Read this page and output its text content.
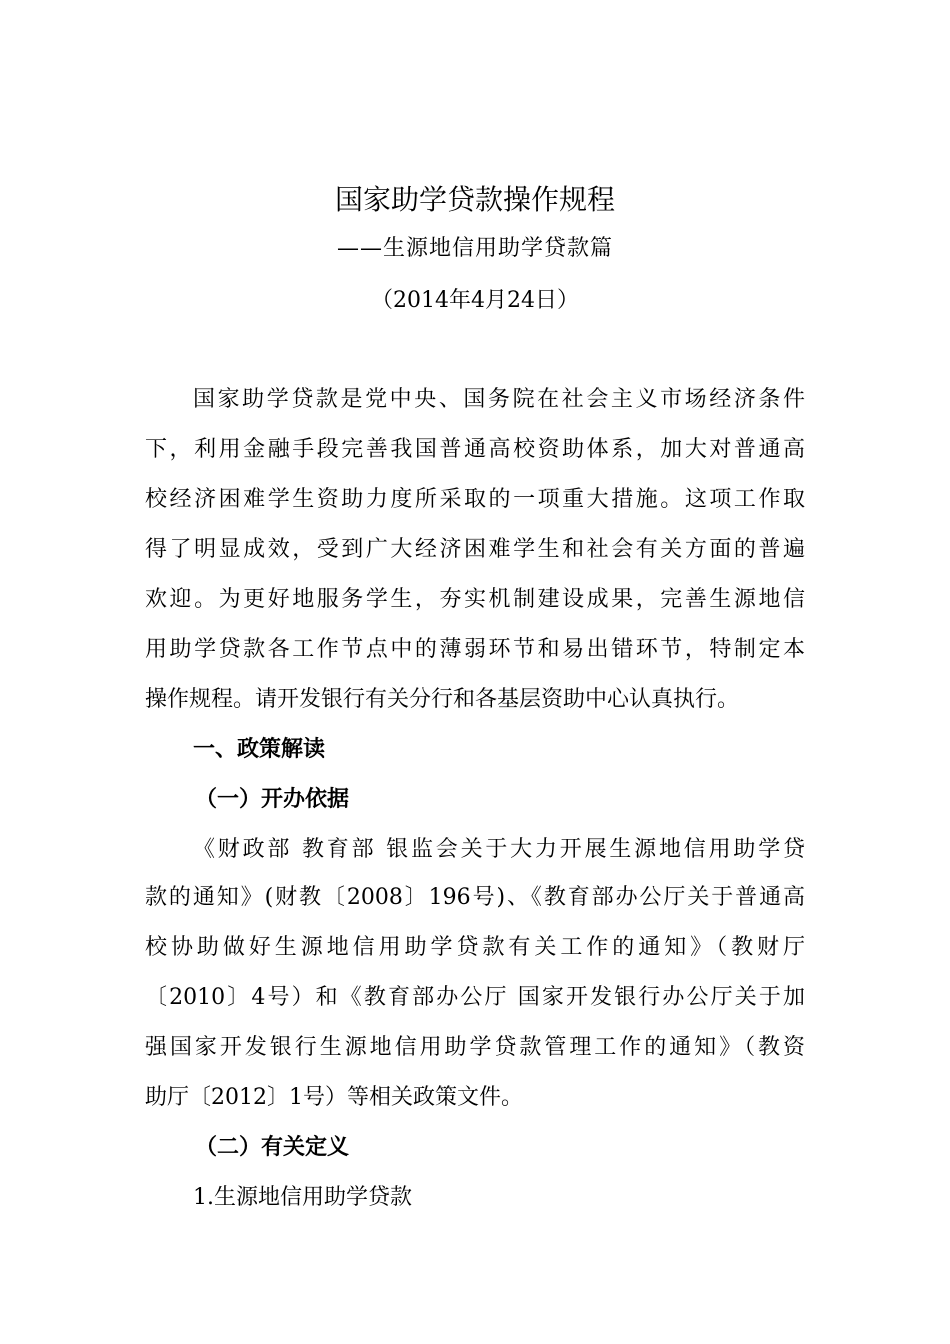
国家助学贷款操作规程
——生源地信用助学贷款篇
（2014年4月24日）
国家助学贷款是党中央、国务院在社会主义市场经济条件
下，利用金融手段完善我国普通高校资助体系，加大对普通高
校经济困难学生资助力度所采取的一项重大措施。这项工作取
得了明显成效，受到广大经济困难学生和社会有关方面的普遍
欢迎。为更好地服务学生，夯实机制建设成果，完善生源地信
用助学贷款各工作节点中的薄弱环节和易出错环节，特制定本
操作规程。请开发银行有关分行和各基层资助中心认真执行。
一、政策解读
（一）开办依据
《财政部 教育部 银监会关于大力开展生源地信用助学贷
款的通知》(财教〔2008〕196号)、《教育部办公厅关于普通高
校协助做好生源地信用助学贷款有关工作的通知》（教财厅
〔2010〕4号）和《教育部办公厅 国家开发银行办公厅关于加
强国家开发银行生源地信用助学贷款管理工作的通知》（教资
助厅〔2012〕1号）等相关政策文件。
（二）有关定义
1.生源地信用助学贷款
